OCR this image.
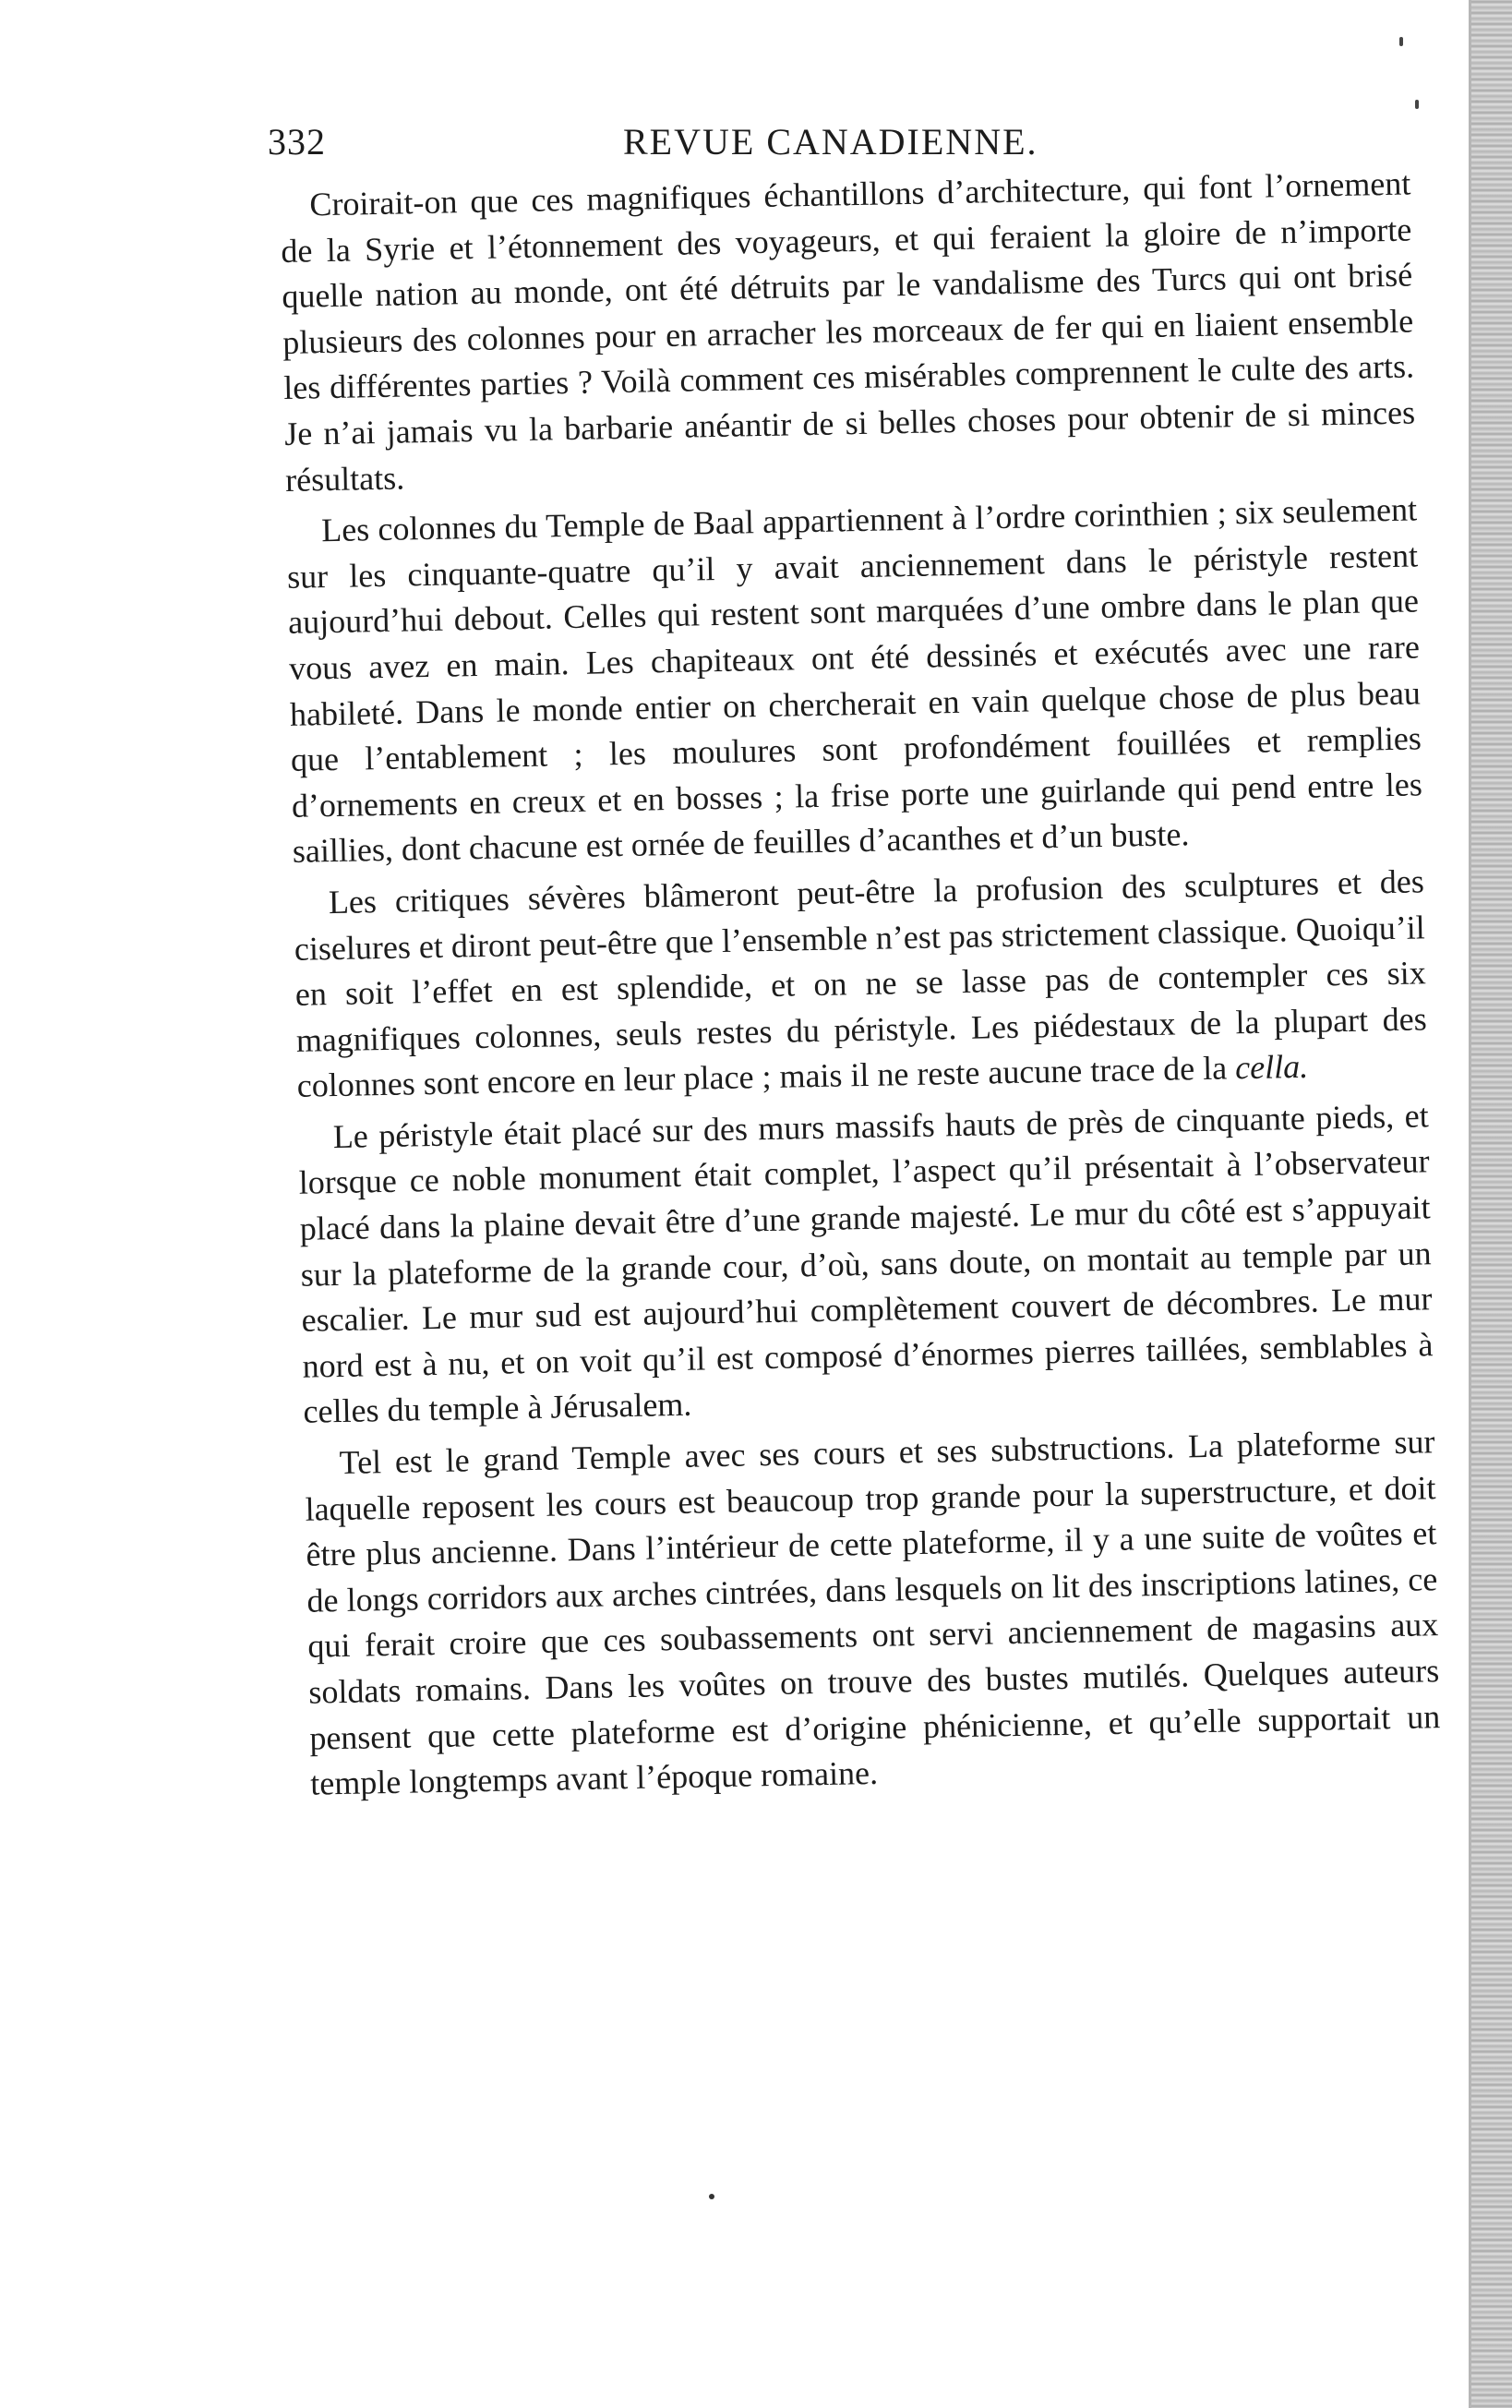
332	REVUE CANADIENNE.

Croirait-on que ces magnifiques échantillons d’architecture, qui font l’ornement de la Syrie et l’étonnement des voyageurs, et qui feraient la gloire de n’importe quelle nation au monde, ont été détruits par le vandalisme des Turcs qui ont brisé plusieurs des colonnes pour en arracher les morceaux de fer qui en liaient ensemble les différentes parties ? Voilà comment ces misérables comprennent le culte des arts. Je n’ai jamais vu la barbarie anéantir de si belles choses pour obtenir de si minces résultats.

Les colonnes du Temple de Baal appartiennent à l’ordre corinthien ; six seulement sur les cinquante-quatre qu’il y avait anciennement dans le péristyle restent aujourd’hui debout. Celles qui restent sont marquées d’une ombre dans le plan que vous avez en main. Les chapiteaux ont été dessinés et exécutés avec une rare habileté. Dans le monde entier on chercherait en vain quelque chose de plus beau que l’entablement ; les moulures sont profondément fouillées et remplies d’ornements en creux et en bosses ; la frise porte une guirlande qui pend entre les saillies, dont chacune est ornée de feuilles d’acanthes et d’un buste.

Les critiques sévères blâmeront peut-être la profusion des sculptures et des ciselures et diront peut-être que l’ensemble n’est pas strictement classique. Quoiqu’il en soit l’effet en est splendide, et on ne se lasse pas de contempler ces six magnifiques colonnes, seuls restes du péristyle. Les piédestaux de la plupart des colonnes sont encore en leur place ; mais il ne reste aucune trace de la cella.

Le péristyle était placé sur des murs massifs hauts de près de cinquante pieds, et lorsque ce noble monument était complet, l’aspect qu’il présentait à l’observateur placé dans la plaine devait être d’une grande majesté. Le mur du côté est s’appuyait sur la plateforme de la grande cour, d’où, sans doute, on montait au temple par un escalier. Le mur sud est aujourd’hui complètement couvert de décombres. Le mur nord est à nu, et on voit qu’il est composé d’énormes pierres taillées, semblables à celles du temple à Jérusalem.

Tel est le grand Temple avec ses cours et ses substructions. La plateforme sur laquelle reposent les cours est beaucoup trop grande pour la superstructure, et doit être plus ancienne. Dans l’intérieur de cette plateforme, il y a une suite de voûtes et de longs corridors aux arches cintrées, dans lesquels on lit des inscriptions latines, ce qui ferait croire que ces soubassements ont servi anciennement de magasins aux soldats romains. Dans les voûtes on trouve des bustes mutilés. Quelques auteurs pensent que cette plateforme est d’origine phénicienne, et qu’elle supportait un temple longtemps avant l’époque romaine.
